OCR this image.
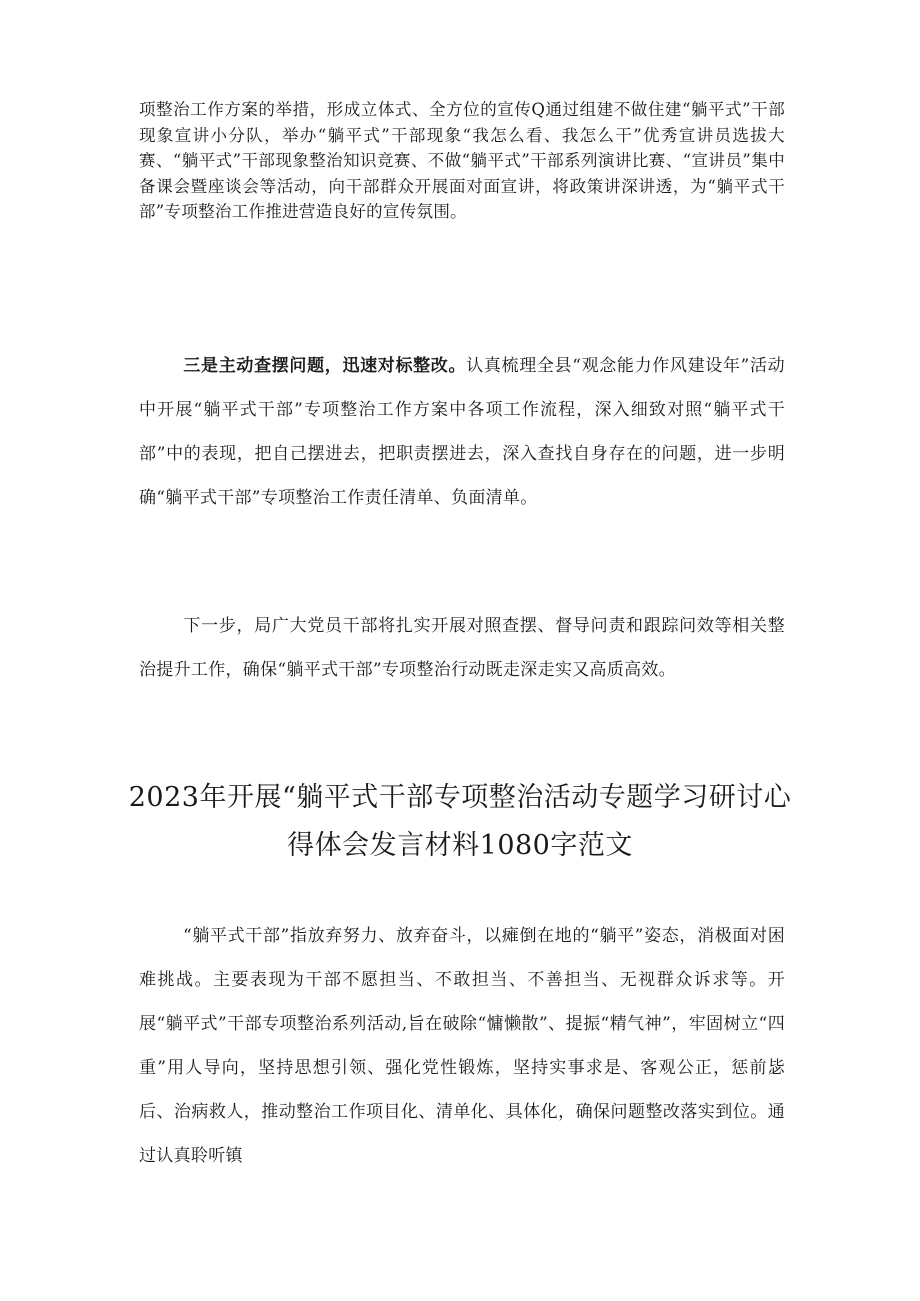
项整治工作方案的举措，形成立体式、全方位的宣传Q通过组建不做住建“躺平式”干部现象宣讲小分队，举办“躺平式”干部现象“我怎么看、我怎么干”优秀宣讲员选拔大赛、“躺平式”干部现象整治知识竞赛、不做“躺平式”干部系列演讲比赛、“宣讲员”集中备课会暨座谈会等活动，向干部群众开展面对面宣讲，将政策讲深讲透，为“躺平式干部”专项整治工作推进营造良好的宣传氛围。

三是主动查摆问题，迅速对标整改。认真梳理全县“观念能力作风建设年”活动中开展“躺平式干部”专项整治工作方案中各项工作流程，深入细致对照“躺平式干部”中的表现，把自己摆进去，把职责摆进去，深入查找自身存在的问题，进一步明确“躺平式干部”专项整治工作责任清单、负面清单。

下一步，局广大党员干部将扎实开展对照查摆、督导问责和跟踪问效等相关整治提升工作，确保“躺平式干部”专项整治行动既走深走实又高质高效。

2023年开展“躺平式干部专项整治活动专题学习研讨心得体会发言材料1080字范文

“躺平式干部”指放弃努力、放弃奋斗，以瘫倒在地的“躺平”姿态，消极面对困难挑战。主要表现为干部不愿担当、不敢担当、不善担当、无视群众诉求等。开展“躺平式”干部专项整治系列活动,旨在破除“慵懒散”、提振“精气神”，牢固树立“四重”用人导向，坚持思想引领、强化党性锻炼，坚持实事求是、客观公正，惩前毖后、治病救人，推动整治工作项目化、清单化、具体化，确保问题整改落实到位。通过认真聆听镇
